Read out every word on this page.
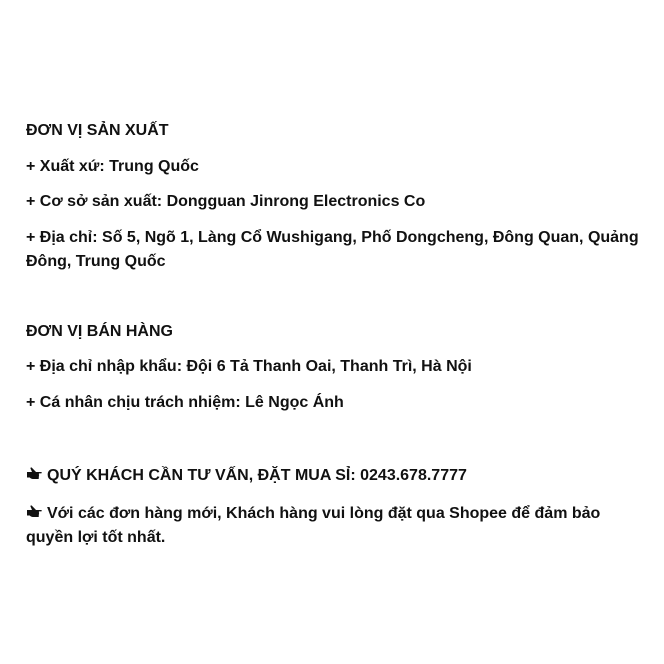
ĐƠN VỊ SẢN XUẤT
+ Xuất xứ: Trung Quốc
+ Cơ sở sản xuất: Dongguan Jinrong Electronics Co
+ Địa chỉ: Số 5, Ngõ 1, Làng Cổ Wushigang, Phố Dongcheng, Đông Quan, Quảng Đông, Trung Quốc
ĐƠN VỊ BÁN HÀNG
+ Địa chỉ nhập khẩu: Đội 6 Tả Thanh Oai, Thanh Trì, Hà Nội
+ Cá nhân chịu trách nhiệm: Lê Ngọc Ánh
QUÝ KHÁCH CẦN TƯ VẤN, ĐẶT MUA SỈ: 0243.678.7777
Với các đơn hàng mới, Khách hàng vui lòng đặt qua Shopee để đảm bảo quyền lợi tốt nhất.
